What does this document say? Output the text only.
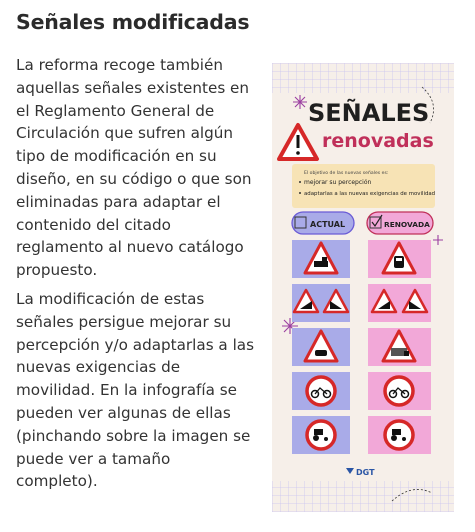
Señales modificadas

La reforma recoge también aquellas señales existentes en el Reglamento General de Circulación que sufren algún tipo de modificación en su diseño, en su código o que son eliminadas para adaptar el contenido del citado reglamento al nuevo catálogo propuesto.

La modificación de estas señales persigue mejorar su percepción y/o adaptarlas a las nuevas exigencias de movilidad. En la infografía se pueden ver algunas de ellas (pinchando sobre la imagen se puede ver a tamaño completo).

SEÑALES
renovadas
El objetivo de las nuevas señales es:
mejorar su percepción
adaptarlas a las nuevas exigencias de movilidad
ACTUAL	RENOVADA
DGT
